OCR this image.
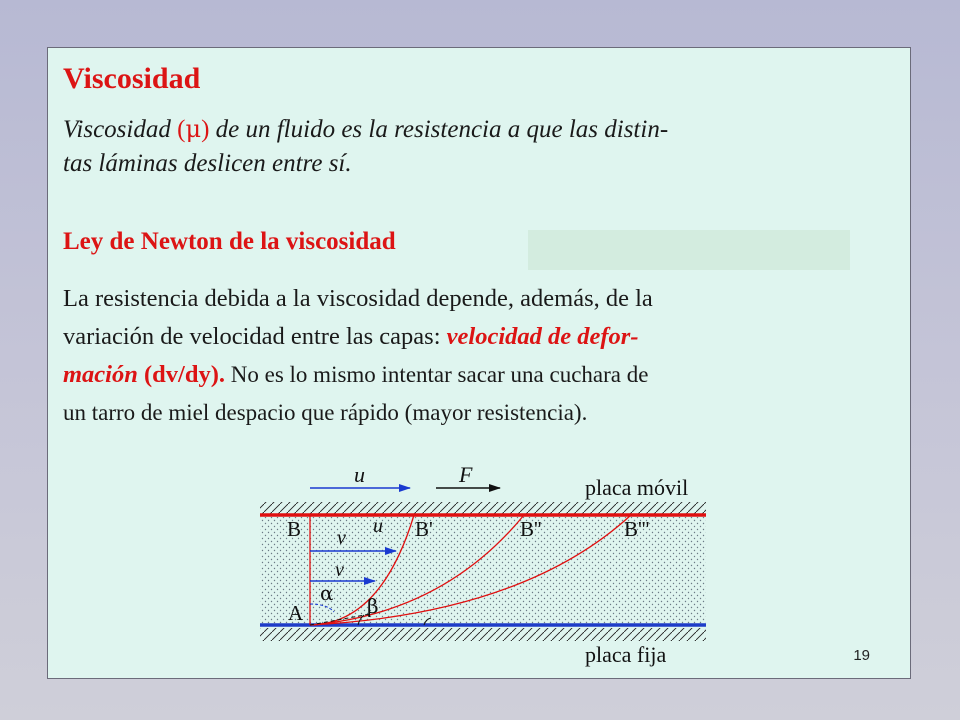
Viscosidad
Viscosidad (μ) de un fluido es la resistencia a que las distin-
tas láminas deslicen entre sí.
Ley de Newton de la viscosidad
La resistencia debida a la viscosidad depende, además, de la
variación de velocidad entre las capas: velocidad de defor-
mación (dv/dy). No es lo mismo intentar sacar una cuchara de
un tarro de miel despacio que rápido (mayor resistencia).
u	F
placa móvil
placa fija
u
v
v
B	B'	B''	B'''
A
α
β
19
